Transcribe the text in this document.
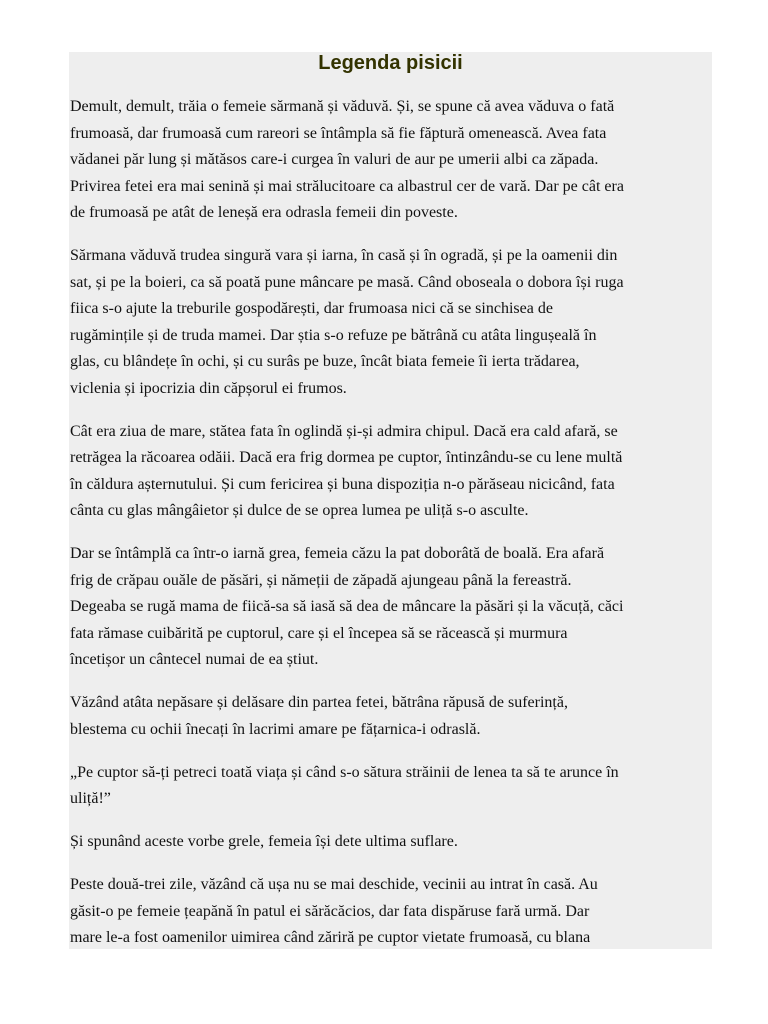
Legenda pisicii
Demult, demult, trăia o femeie sărmană și văduvă. Și, se spune că avea văduva o fată
frumoasă, dar frumoasă cum rareori se întâmpla să fie făptură omenească. Avea fata
vădanei păr lung și mătăsos care-i curgea în valuri de aur pe umerii albi ca zăpada.
Privirea fetei era mai senină și mai strălucitoare ca albastrul cer de vară. Dar pe cât era
de frumoasă pe atât de leneșă era odrasla femeii din poveste.
Sărmana văduvă trudea singură vara și iarna, în casă și în ogradă, și pe la oamenii din
sat, și pe la boieri, ca să poată pune mâncare pe masă. Când oboseala o dobora își ruga
fiica s-o ajute la treburile gospodărești, dar frumoasa nici că se sinchisea de
rugămințile și de truda mamei. Dar știa s-o refuze pe bătrână cu atâta lingușeală în
glas, cu blândețe în ochi, și cu surâs pe buze, încât biata femeie îi ierta trădarea,
viclenia și ipocrizia din căpșorul ei frumos.
Cât era ziua de mare, stătea fata în oglindă și-și admira chipul. Dacă era cald afară, se
retrăgea la răcoarea odăii. Dacă era frig dormea pe cuptor, întinzându-se cu lene multă
în căldura așternutului. Și cum fericirea și buna dispoziția n-o părăseau nicicând, fata
cânta cu glas mângâietor și dulce de se oprea lumea pe uliță s-o asculte.
Dar se întâmplă ca într-o iarnă grea, femeia căzu la pat doborâtă de boală. Era afară
frig de crăpau ouăle de păsări, și nămeții de zăpadă ajungeau până la fereastră.
Degeaba se rugă mama de fiică-sa să iasă să dea de mâncare la păsări și la văcuță, căci
fata rămase cuibărită pe cuptorul, care și el începea să se răcească și murmura
încetișor un cântecel numai de ea știut.
Văzând atâta nepăsare și delăsare din partea fetei, bătrâna răpusă de suferință,
blestema cu ochii înecați în lacrimi amare pe fățarnica-i odraslă.
„Pe cuptor să-ți petreci toată viața și când s-o sătura străinii de lenea ta să te arunce în
uliță!”
Și spunând aceste vorbe grele, femeia își dete ultima suflare.
Peste două-trei zile, văzând că ușa nu se mai deschide, vecinii au intrat în casă. Au
găsit-o pe femeie țeapănă în patul ei sărăcăcios, dar fata dispăruse fară urmă. Dar
mare le-a fost oamenilor uimirea când zăriră pe cuptor vietate frumoasă, cu blana
